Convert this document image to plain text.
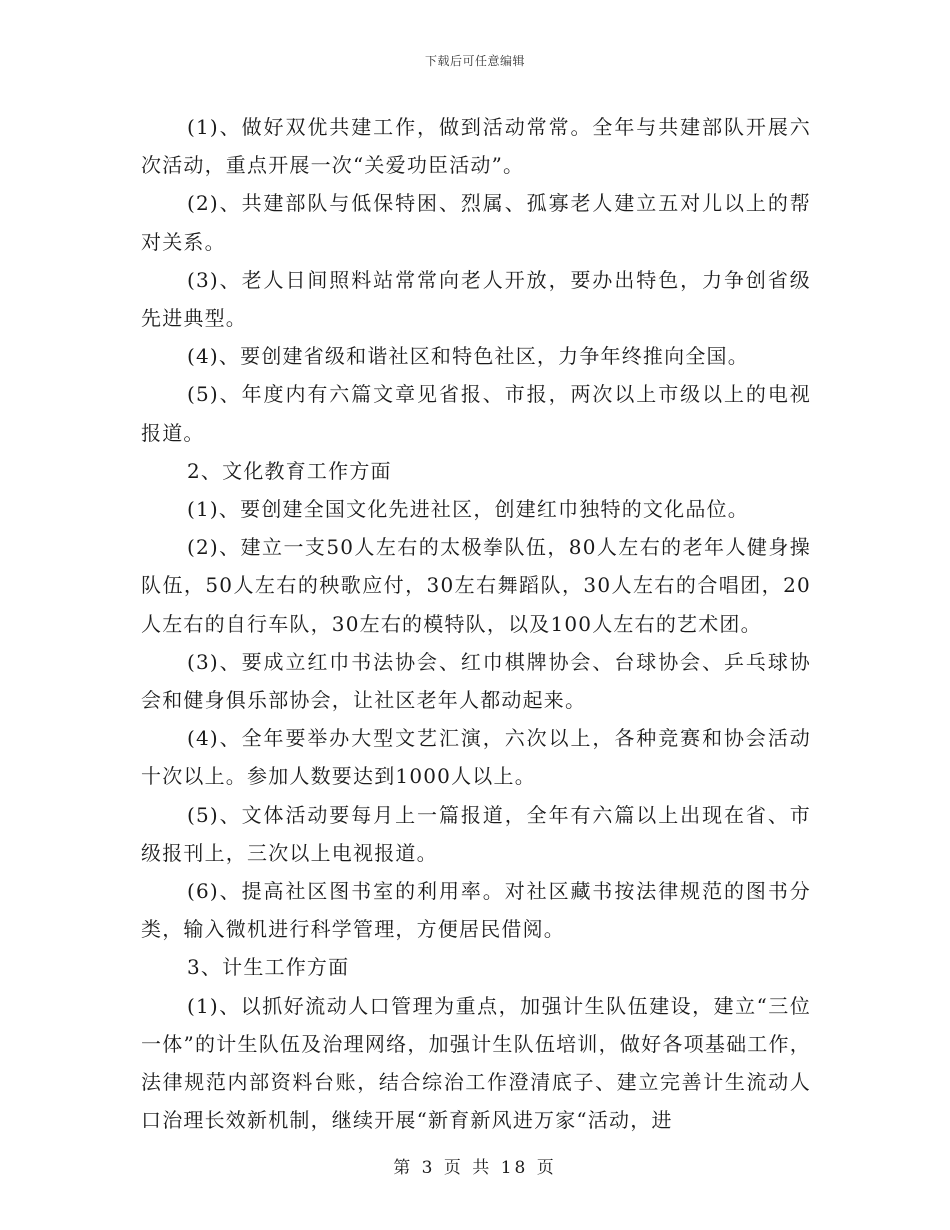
下载后可任意编辑

(1)、做好双优共建工作，做到活动常常。全年与共建部队开展六次活动，重点开展一次“关爱功臣活动”。

(2)、共建部队与低保特困、烈属、孤寡老人建立五对儿以上的帮对关系。

(3)、老人日间照料站常常向老人开放，要办出特色，力争创省级先进典型。

(4)、要创建省级和谐社区和特色社区，力争年终推向全国。

(5)、年度内有六篇文章见省报、市报，两次以上市级以上的电视报道。

2、文化教育工作方面

(1)、要创建全国文化先进社区，创建红巾独特的文化品位。

(2)、建立一支50人左右的太极拳队伍，80人左右的老年人健身操队伍，50人左右的秧歌应付，30左右舞蹈队，30人左右的合唱团，20人左右的自行车队，30左右的模特队，以及100人左右的艺术团。

(3)、要成立红巾书法协会、红巾棋牌协会、台球协会、乒乓球协会和健身俱乐部协会，让社区老年人都动起来。

(4)、全年要举办大型文艺汇演，六次以上，各种竞赛和协会活动十次以上。参加人数要达到1000人以上。

(5)、文体活动要每月上一篇报道，全年有六篇以上出现在省、市级报刊上，三次以上电视报道。

(6)、提高社区图书室的利用率。对社区藏书按法律规范的图书分类，输入微机进行科学管理，方便居民借阅。

3、计生工作方面

(1)、以抓好流动人口管理为重点，加强计生队伍建设，建立“三位一体”的计生队伍及治理网络，加强计生队伍培训，做好各项基础工作，法律规范内部资料台账，结合综治工作澄清底子、建立完善计生流动人口治理长效新机制，继续开展“新育新风进万家“活动，进

第 3 页 共 18 页
